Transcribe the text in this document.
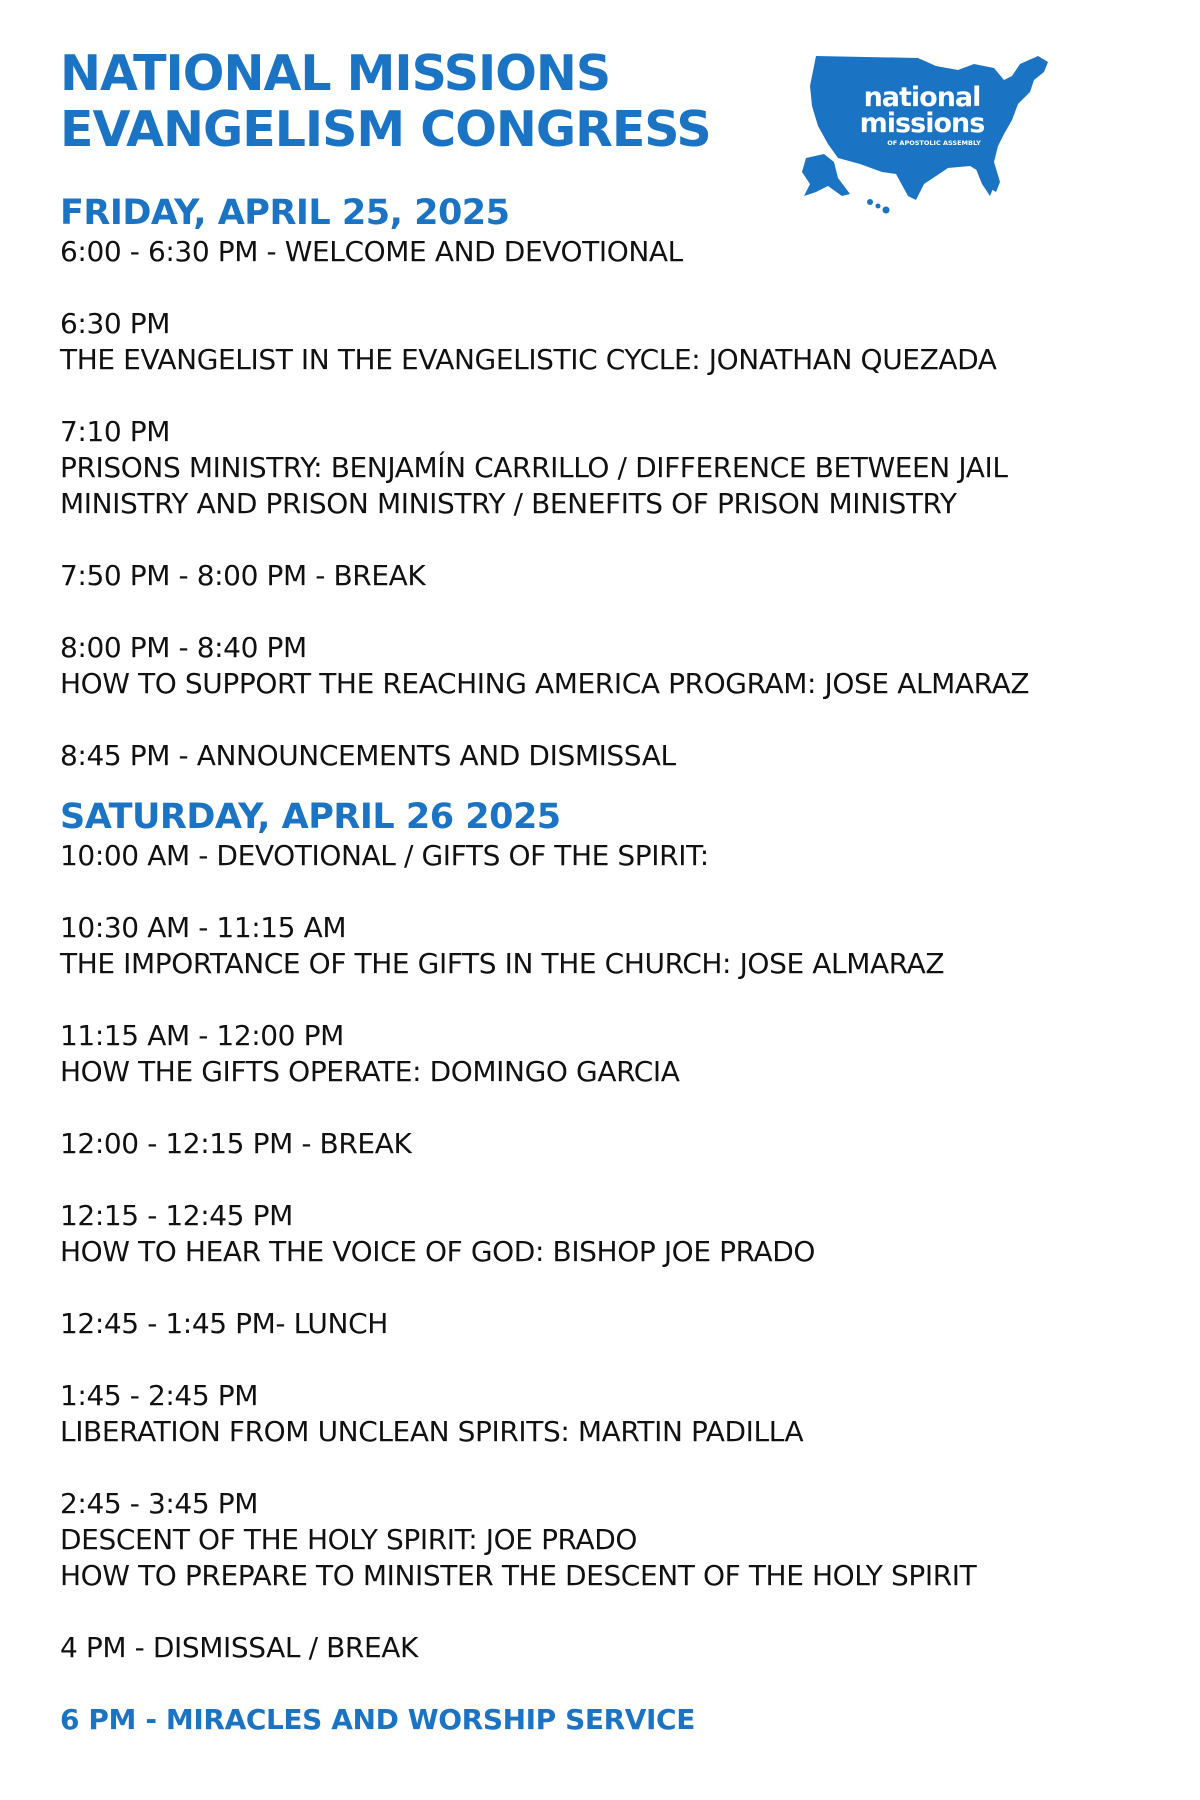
NATIONAL MISSIONS
EVANGELISM CONGRESS
national
missions
OF APOSTOLIC ASSEMBLY
FRIDAY, APRIL 25, 2025
6:00 - 6:30 PM - WELCOME AND DEVOTIONAL
6:30 PM
THE EVANGELIST IN THE EVANGELISTIC CYCLE: JONATHAN QUEZADA
7:10 PM
PRISONS MINISTRY: BENJAMÍN CARRILLO / DIFFERENCE BETWEEN JAIL
MINISTRY AND PRISON MINISTRY / BENEFITS OF PRISON MINISTRY
7:50 PM - 8:00 PM - BREAK
8:00 PM - 8:40 PM
HOW TO SUPPORT THE REACHING AMERICA PROGRAM: JOSE ALMARAZ
8:45 PM - ANNOUNCEMENTS AND DISMISSAL
SATURDAY, APRIL 26 2025
10:00 AM - DEVOTIONAL / GIFTS OF THE SPIRIT:
10:30 AM - 11:15 AM
THE IMPORTANCE OF THE GIFTS IN THE CHURCH: JOSE ALMARAZ
11:15 AM - 12:00 PM
HOW THE GIFTS OPERATE: DOMINGO GARCIA
12:00 - 12:15 PM - BREAK
12:15 - 12:45 PM
HOW TO HEAR THE VOICE OF GOD: BISHOP JOE PRADO
12:45 - 1:45 PM- LUNCH
1:45 - 2:45 PM
LIBERATION FROM UNCLEAN SPIRITS: MARTIN PADILLA
2:45 - 3:45 PM
DESCENT OF THE HOLY SPIRIT: JOE PRADO
HOW TO PREPARE TO MINISTER THE DESCENT OF THE HOLY SPIRIT
4 PM - DISMISSAL / BREAK
6 PM - MIRACLES AND WORSHIP SERVICE
